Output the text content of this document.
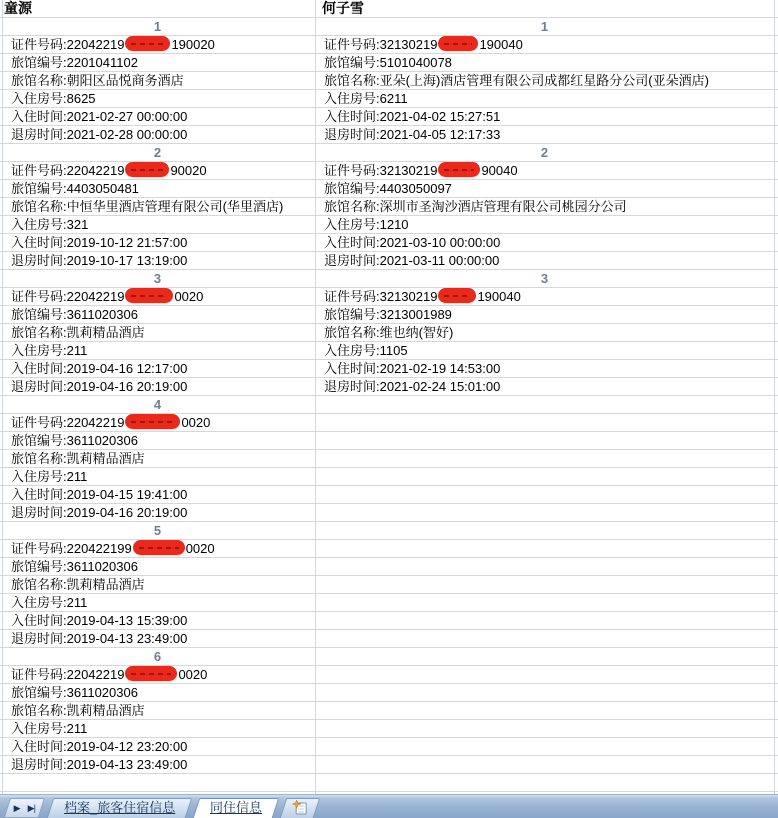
童源
1
证件号码:22042219	190020
旅馆编号:2201041102
旅馆名称:朝阳区品悦商务酒店
入住房号:8625
入住时间:2021-02-27 00:00:00
退房时间:2021-02-28 00:00:00
2
证件号码:22042219	90020
旅馆编号:4403050481
旅馆名称:中恒华里酒店管理有限公司(华里酒店)
入住房号:321
入住时间:2019-10-12 21:57:00
退房时间:2019-10-17 13:19:00
3
证件号码:22042219	0020
旅馆编号:3611020306
旅馆名称:凯莉精品酒店
入住房号:211
入住时间:2019-04-16 12:17:00
退房时间:2019-04-16 20:19:00
4
证件号码:22042219	0020
旅馆编号:3611020306
旅馆名称:凯莉精品酒店
入住房号:211
入住时间:2019-04-15 19:41:00
退房时间:2019-04-16 20:19:00
5
证件号码:220422199	0020
旅馆编号:3611020306
旅馆名称:凯莉精品酒店
入住房号:211
入住时间:2019-04-13 15:39:00
退房时间:2019-04-13 23:49:00
6
证件号码:22042219	0020
旅馆编号:3611020306
旅馆名称:凯莉精品酒店
入住房号:211
入住时间:2019-04-12 23:20:00
退房时间:2019-04-13 23:49:00
何子雪
1
证件号码:32130219	190040
旅馆编号:5101040078
旅馆名称:亚朵(上海)酒店管理有限公司成都红星路分公司(亚朵酒店)
入住房号:6211
入住时间:2021-04-02 15:27:51
退房时间:2021-04-05 12:17:33
2
证件号码:32130219	90040
旅馆编号:4403050097
旅馆名称:深圳市圣淘沙酒店管理有限公司桃园分公司
入住房号:1210
入住时间:2021-03-10 00:00:00
退房时间:2021-03-11 00:00:00
3
证件号码:32130219	190040
旅馆编号:3213001989
旅馆名称:维也纳(智好)
入住房号:1105
入住时间:2021-02-19 14:53:00
退房时间:2021-02-24 15:01:00
▶ ▶|	档案_旅客住宿信息	同住信息
